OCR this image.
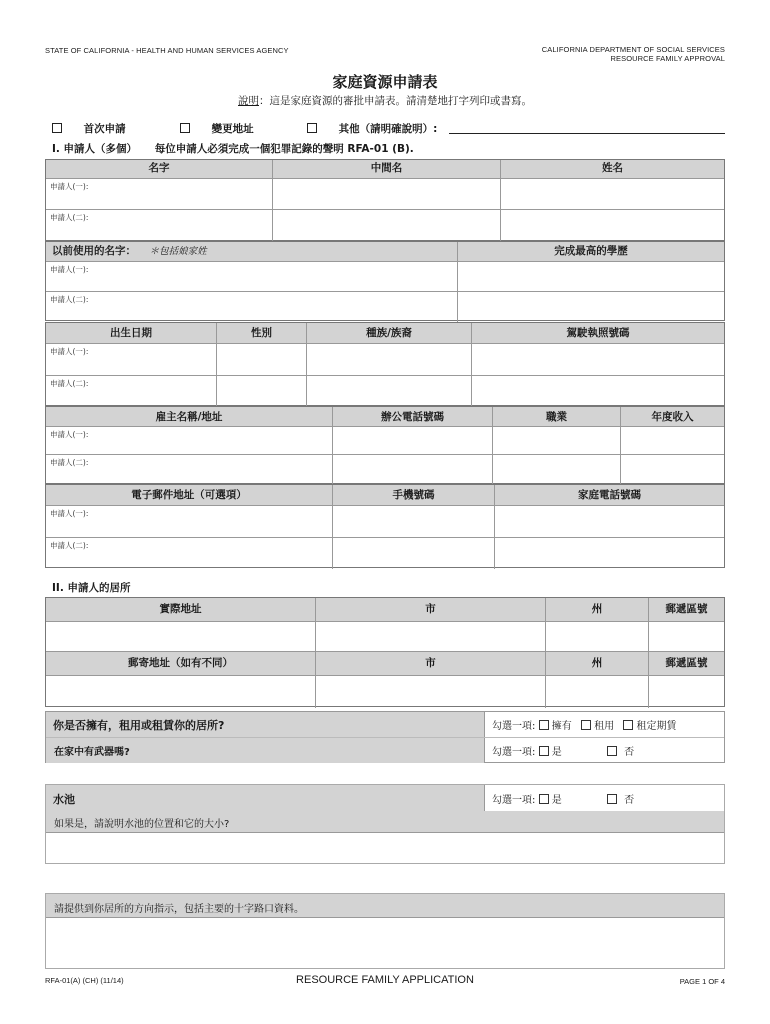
STATE OF CALIFORNIA - HEALTH AND HUMAN SERVICES AGENCY	CALIFORNIA DEPARTMENT OF SOCIAL SERVICES
RESOURCE FAMILY APPROVAL
家庭資源申請表
說明：這是家庭資源的審批申請表。請清楚地打字列印或書寫。
首次申請	變更地址	其他（請明確說明）:
I. 申請人（多個） 每位申請人必須完成一個犯罪記錄的聲明 RFA-01 (B).
名字	中間名	姓名
申請人(一):
申請人(二):
以前使用的名字： ＊包括娘家姓	完成最高的學歷
申請人(一):
申請人(二):
出生日期	性別	種族/族裔	駕駛執照號碼
申請人(一):
申請人(二):
雇主名稱/地址	辦公電話號碼	職業	年度收入
申請人(一):
申請人(二):
電子郵件地址（可選項）	手機號碼	家庭電話號碼
申請人(一):
申請人(二):
II. 申請人的居所
實際地址	市	州	郵遞區號
郵寄地址（如有不同）	市	州	郵遞區號
你是否擁有，租用或租賃你的居所?	勾選一項: 擁有 租用 租定期賃
在家中有武器嗎?	勾選一項: 是	否
水池	勾選一項: 是	否
如果是，請說明水池的位置和它的大小?
請提供到你居所的方向指示，包括主要的十字路口資料。
RFA-01(A) (CH) (11/14)	RESOURCE FAMILY APPLICATION	PAGE 1 OF 4
